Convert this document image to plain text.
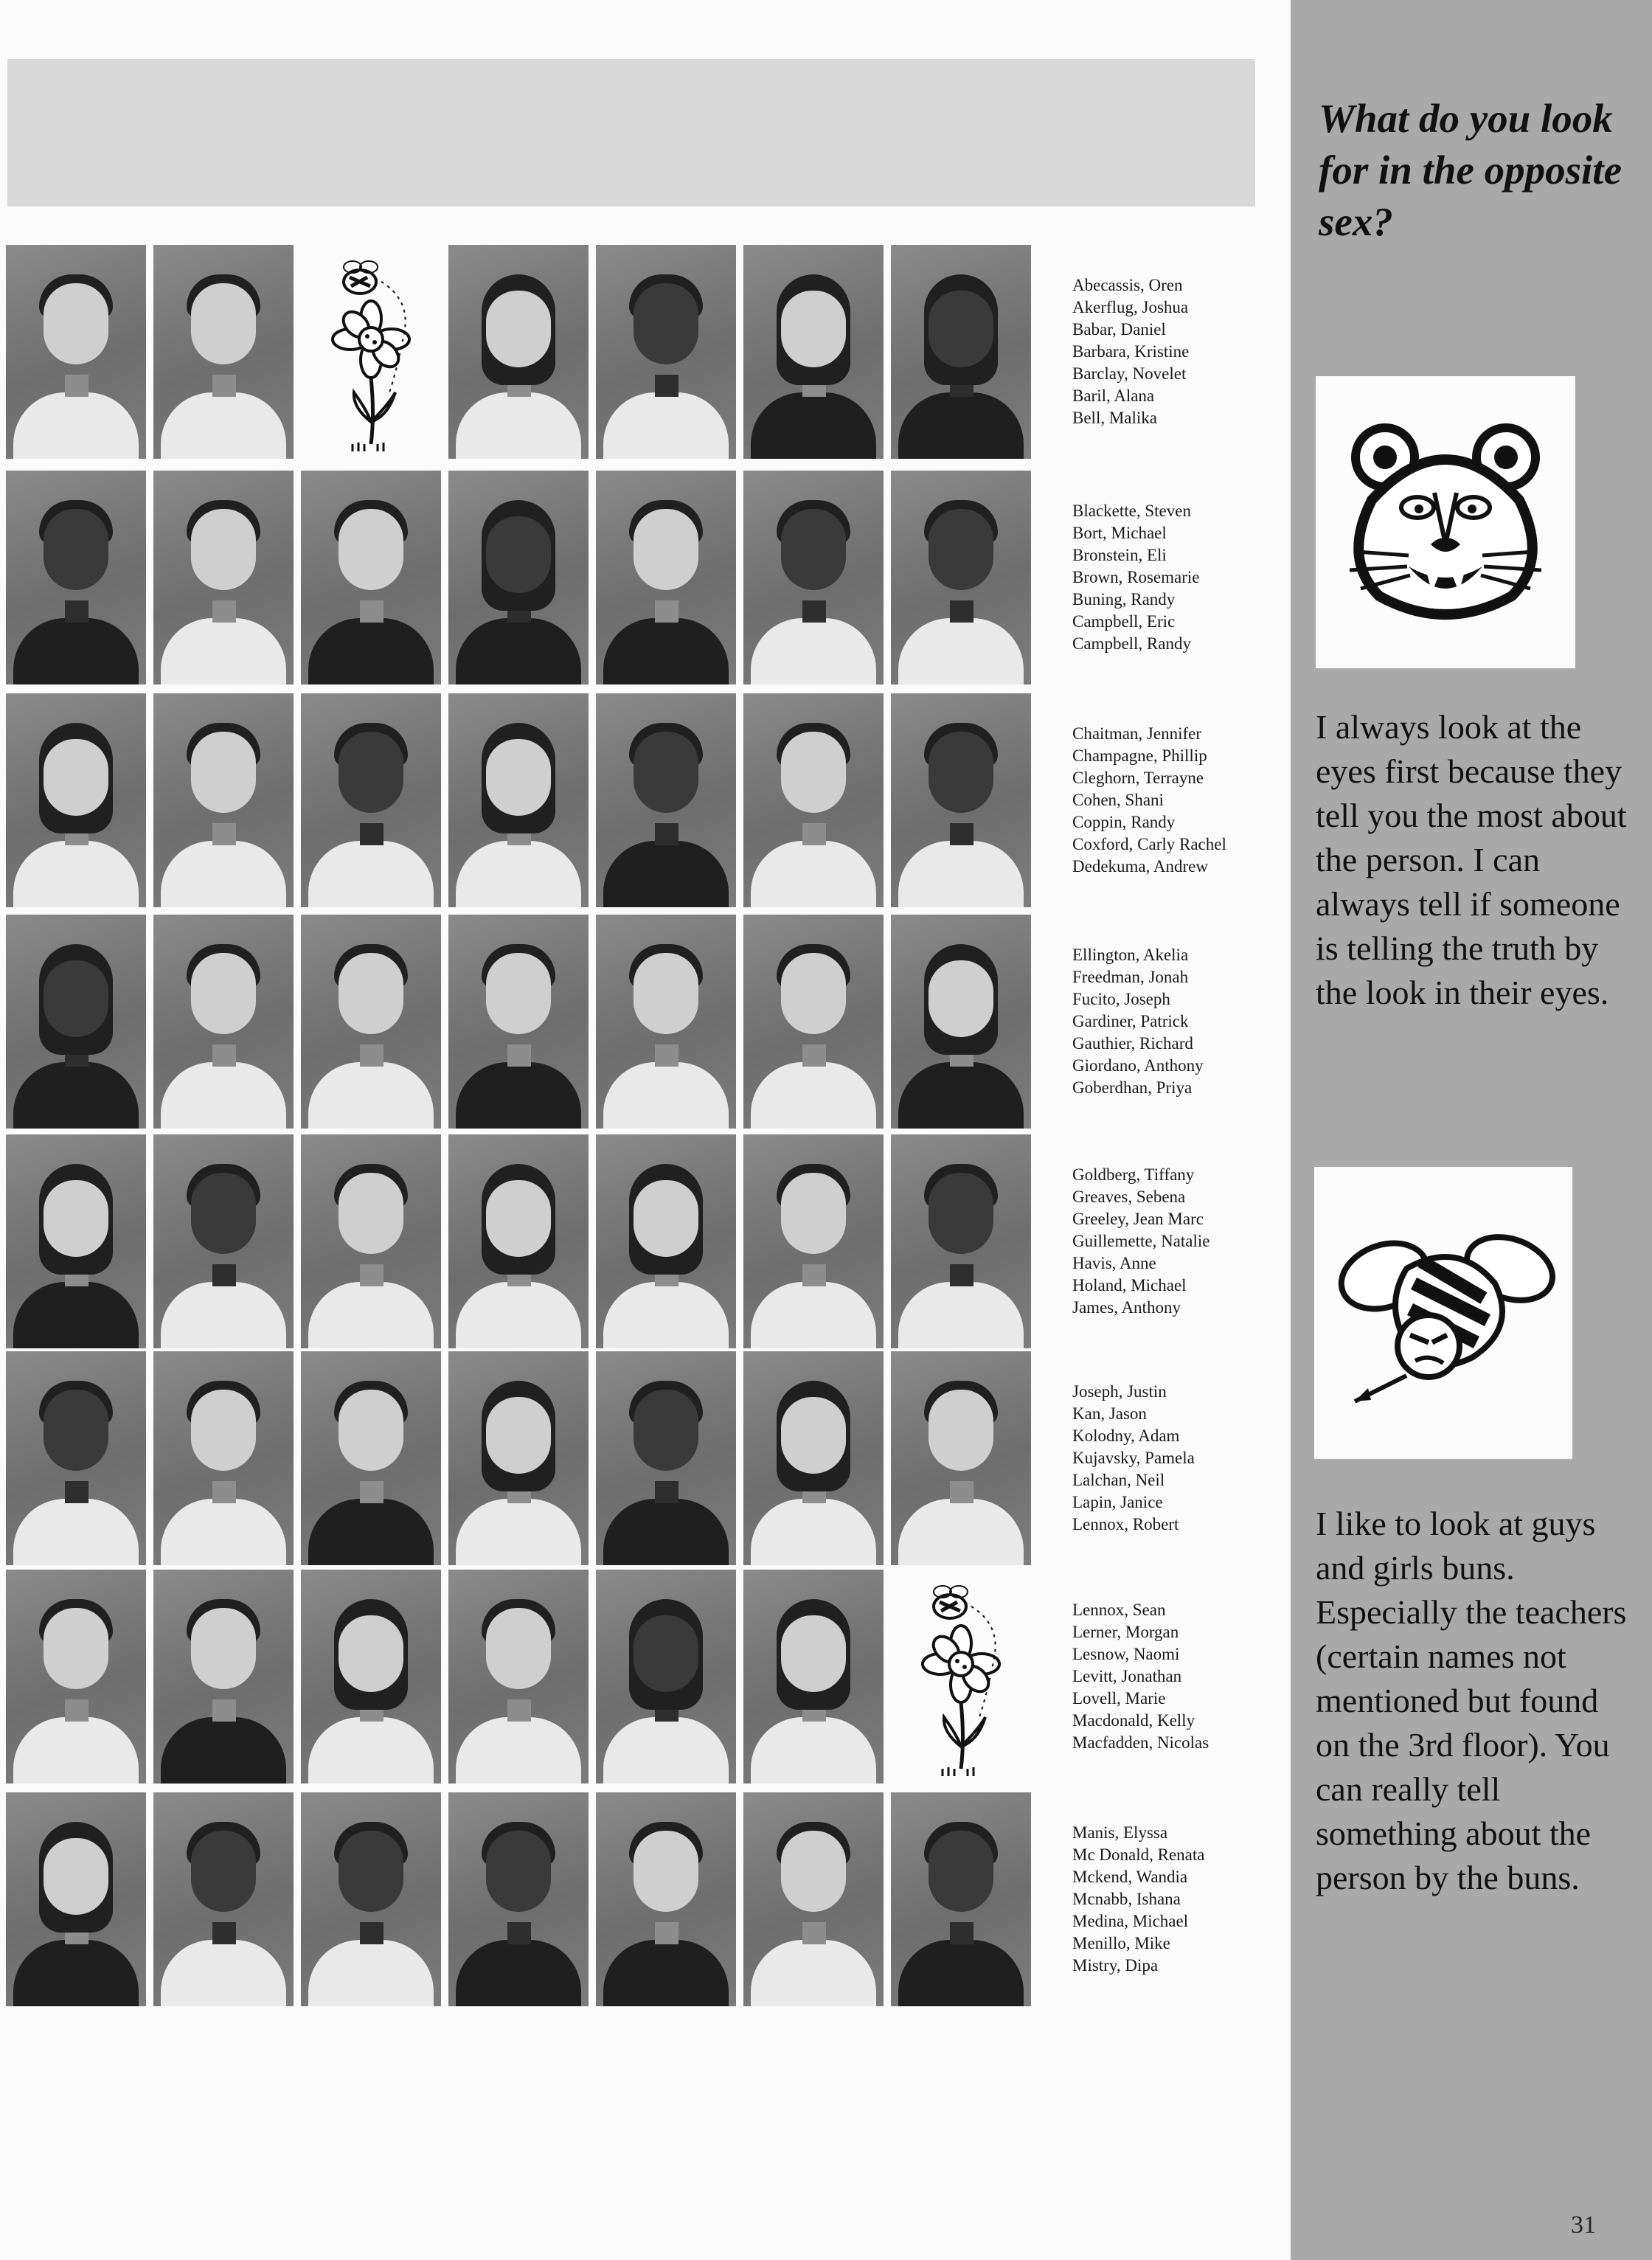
What do you look for in the opposite sex?
I always look at the eyes first because they tell you the most about the person. I can always tell if someone is telling the truth by the look in their eyes.
I like to look at guys and girls buns. Especially the teachers (certain names not mentioned but found on the 3rd floor). You can really tell something about the person by the buns.
31
Abecassis, Oren
Akerflug, Joshua
Babar, Daniel
Barbara, Kristine
Barclay, Novelet
Baril, Alana
Bell, Malika
Blackette, Steven
Bort, Michael
Bronstein, Eli
Brown, Rosemarie
Buning, Randy
Campbell, Eric
Campbell, Randy
Chaitman, Jennifer
Champagne, Phillip
Cleghorn, Terrayne
Cohen, Shani
Coppin, Randy
Coxford, Carly Rachel
Dedekuma, Andrew
Ellington, Akelia
Freedman, Jonah
Fucito, Joseph
Gardiner, Patrick
Gauthier, Richard
Giordano, Anthony
Goberdhan, Priya
Goldberg, Tiffany
Greaves, Sebena
Greeley, Jean Marc
Guillemette, Natalie
Havis, Anne
Holand, Michael
James, Anthony
Joseph, Justin
Kan, Jason
Kolodny, Adam
Kujavsky, Pamela
Lalchan, Neil
Lapin, Janice
Lennox, Robert
Lennox, Sean
Lerner, Morgan
Lesnow, Naomi
Levitt, Jonathan
Lovell, Marie
Macdonald, Kelly
Macfadden, Nicolas
Manis, Elyssa
Mc Donald, Renata
Mckend, Wandia
Mcnabb, Ishana
Medina, Michael
Menillo, Mike
Mistry, Dipa
